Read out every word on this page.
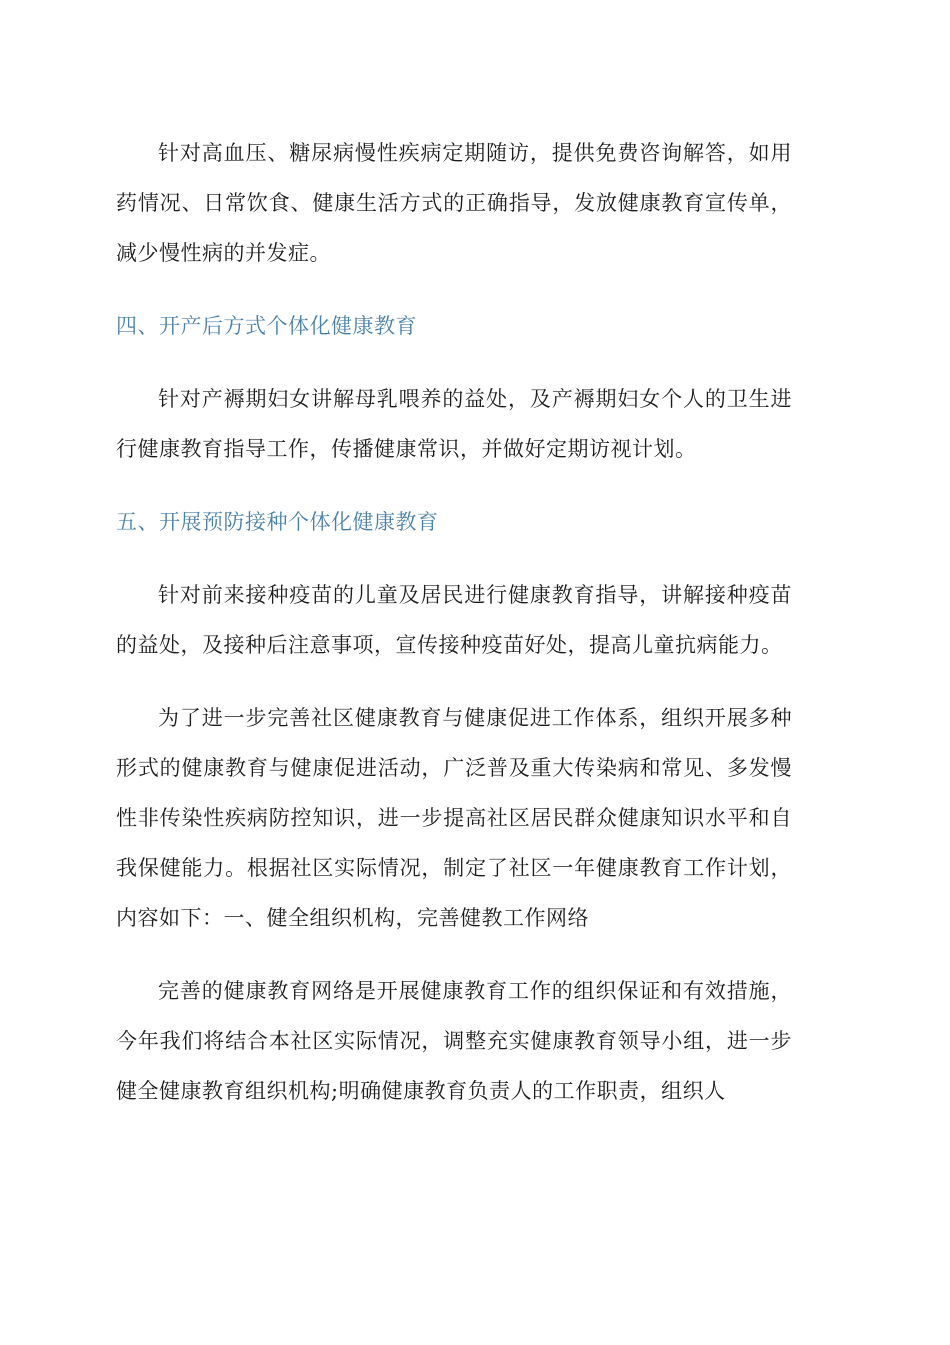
针对高血压、糖尿病慢性疾病定期随访，提供免费咨询解答，如用药情况、日常饮食、健康生活方式的正确指导，发放健康教育宣传单，减少慢性病的并发症。

四、开产后方式个体化健康教育

针对产褥期妇女讲解母乳喂养的益处，及产褥期妇女个人的卫生进行健康教育指导工作，传播健康常识，并做好定期访视计划。

五、开展预防接种个体化健康教育

针对前来接种疫苗的儿童及居民进行健康教育指导，讲解接种疫苗的益处，及接种后注意事项，宣传接种疫苗好处，提高儿童抗病能力。

为了进一步完善社区健康教育与健康促进工作体系，组织开展多种形式的健康教育与健康促进活动，广泛普及重大传染病和常见、多发慢性非传染性疾病防控知识，进一步提高社区居民群众健康知识水平和自我保健能力。根据社区实际情况，制定了社区一年健康教育工作计划，内容如下：一、健全组织机构，完善健教工作网络

完善的健康教育网络是开展健康教育工作的组织保证和有效措施，今年我们将结合本社区实际情况，调整充实健康教育领导小组，进一步健全健康教育组织机构;明确健康教育负责人的工作职责，组织人
